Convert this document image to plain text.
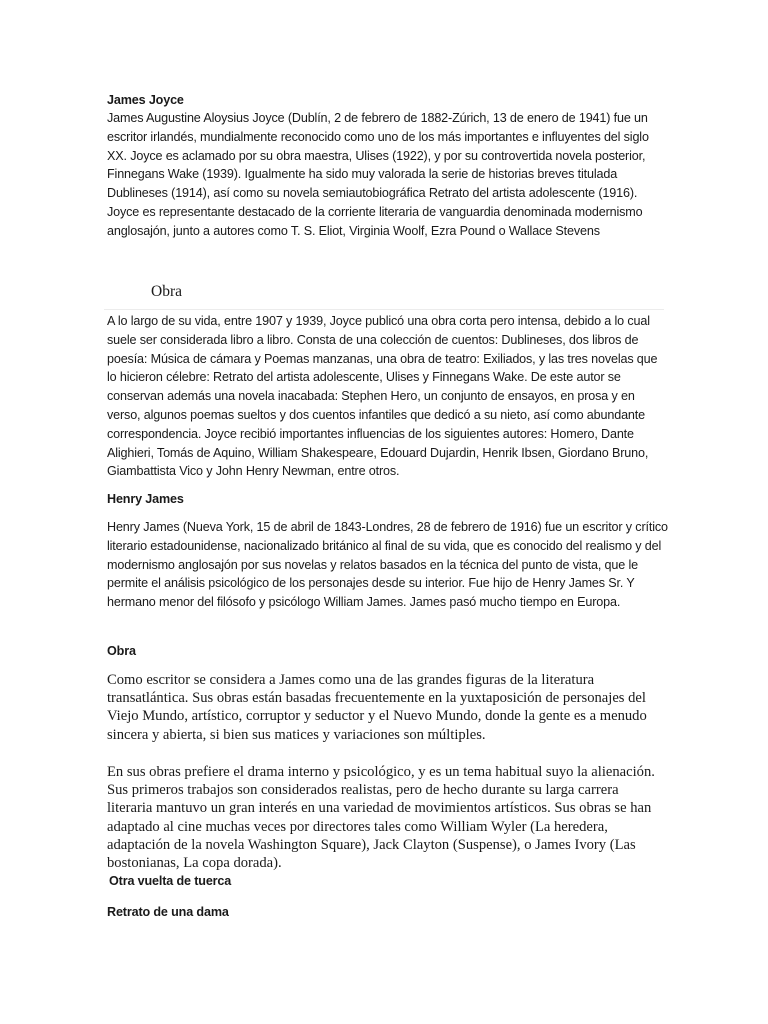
James Joyce

James Augustine Aloysius Joyce (Dublín, 2 de febrero de 1882-Zúrich, 13 de enero de 1941) fue un escritor irlandés, mundialmente reconocido como uno de los más importantes e influyentes del siglo XX. Joyce es aclamado por su obra maestra, Ulises (1922), y por su controvertida novela posterior, Finnegans Wake (1939). Igualmente ha sido muy valorada la serie de historias breves titulada Dublineses (1914), así como su novela semiautobiográfica Retrato del artista adolescente (1916). Joyce es representante destacado de la corriente literaria de vanguardia denominada modernismo anglosajón, junto a autores como T. S. Eliot, Virginia Woolf, Ezra Pound o Wallace Stevens

Obra

A lo largo de su vida, entre 1907 y 1939, Joyce publicó una obra corta pero intensa, debido a lo cual suele ser considerada libro a libro. Consta de una colección de cuentos: Dublineses, dos libros de poesía: Música de cámara y Poemas manzanas, una obra de teatro: Exiliados, y las tres novelas que lo hicieron célebre: Retrato del artista adolescente, Ulises y Finnegans Wake. De este autor se conservan además una novela inacabada: Stephen Hero, un conjunto de ensayos, en prosa y en verso, algunos poemas sueltos y dos cuentos infantiles que dedicó a su nieto, así como abundante correspondencia. Joyce recibió importantes influencias de los siguientes autores: Homero, Dante Alighieri, Tomás de Aquino, William Shakespeare, Edouard Dujardin, Henrik Ibsen, Giordano Bruno, Giambattista Vico y John Henry Newman, entre otros.

Henry James

Henry James (Nueva York, 15 de abril de 1843-Londres, 28 de febrero de 1916) fue un escritor y crítico literario estadounidense, nacionalizado británico al final de su vida, que es conocido del realismo y del modernismo anglosajón por sus novelas y relatos basados en la técnica del punto de vista, que le permite el análisis psicológico de los personajes desde su interior. Fue hijo de Henry James Sr. Y hermano menor del filósofo y psicólogo William James. James pasó mucho tiempo en Europa.

Obra

Como escritor se considera a James como una de las grandes figuras de la literatura transatlántica. Sus obras están basadas frecuentemente en la yuxtaposición de personajes del Viejo Mundo, artístico, corruptor y seductor y el Nuevo Mundo, donde la gente es a menudo sincera y abierta, si bien sus matices y variaciones son múltiples.

En sus obras prefiere el drama interno y psicológico, y es un tema habitual suyo la alienación. Sus primeros trabajos son considerados realistas, pero de hecho durante su larga carrera literaria mantuvo un gran interés en una variedad de movimientos artísticos. Sus obras se han adaptado al cine muchas veces por directores tales como William Wyler (La heredera, adaptación de la novela Washington Square), Jack Clayton (Suspense), o James Ivory (Las bostonianas, La copa dorada).

Otra vuelta de tuerca

Retrato de una dama
